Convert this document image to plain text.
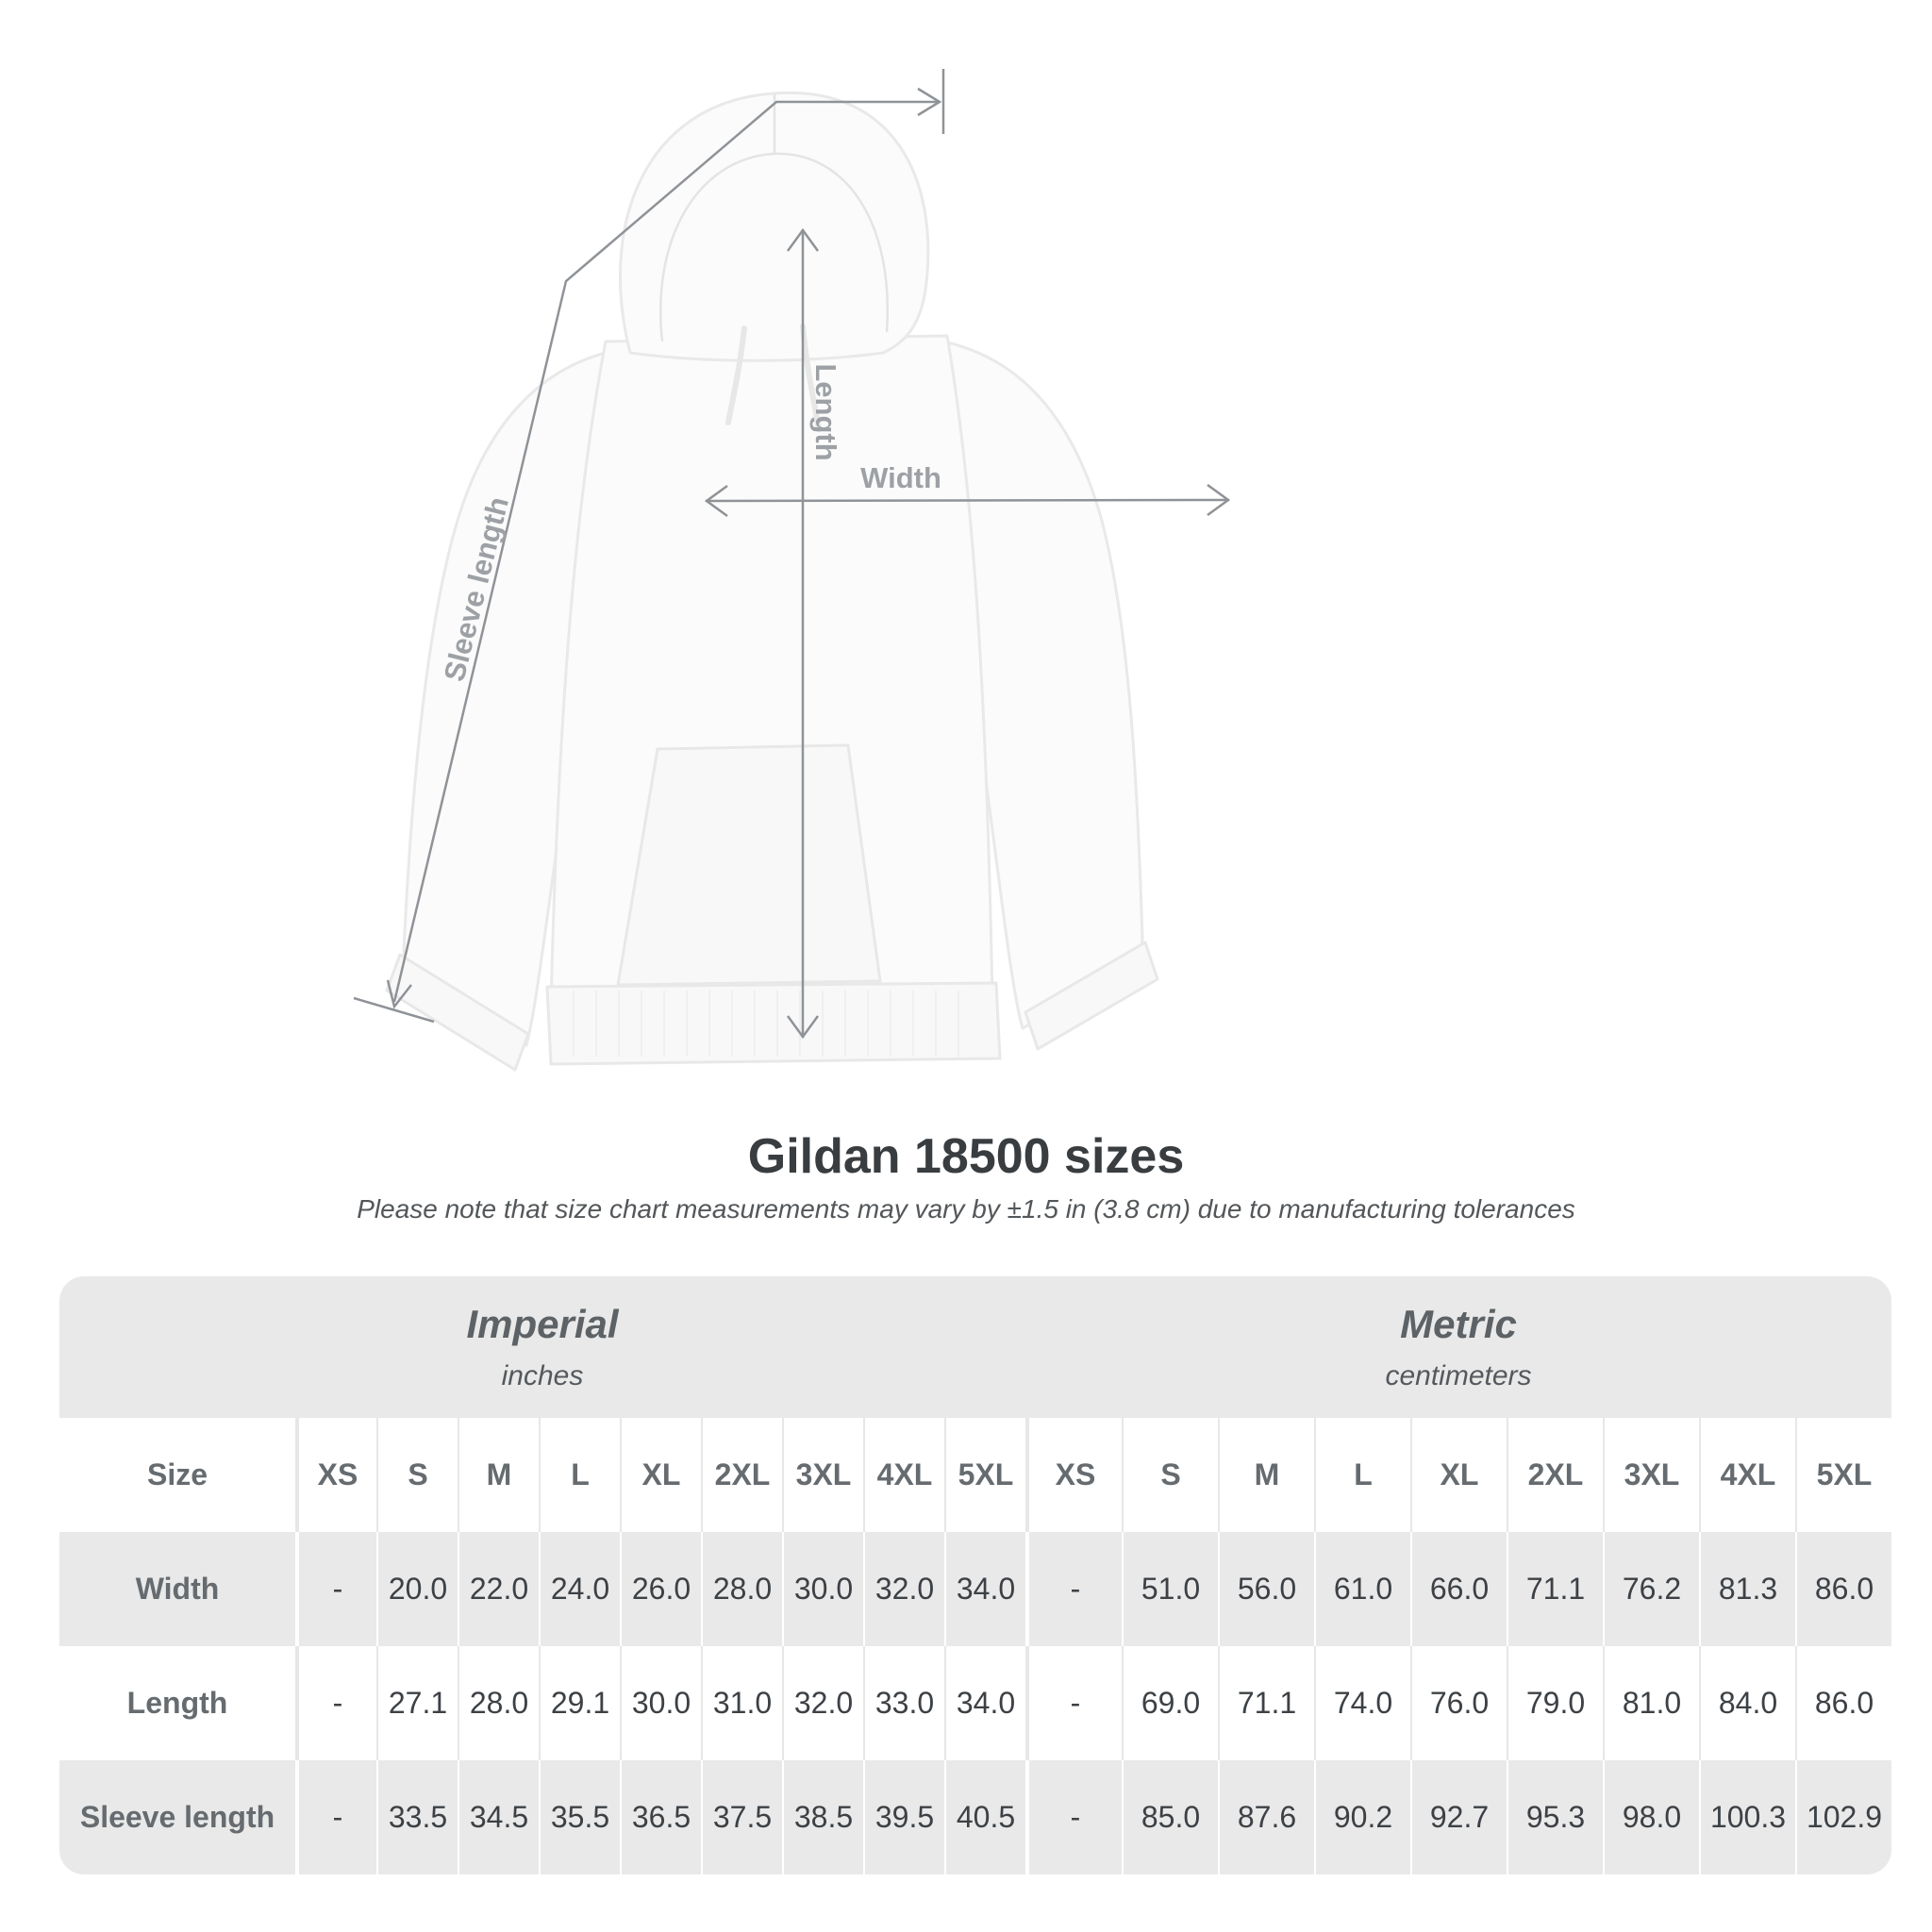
Length
Width
Sleeve length
Gildan 18500 sizes
Please note that size chart measurements may vary by ±1.5 in (3.8 cm) due to manufacturing tolerances
Imperial
inches
Metric
centimeters
Size	XS	S	M	L	XL	2XL 3XL 4XL 5XL	XS	S	M	L	XL	2XL	3XL	4XL	5XL
Width	-	20.0 22.0 24.0 26.0 28.0 30.0 32.0 34.0	-	51.0	56.0	61.0	66.0	71.1	76.2	81.3	86.0
Length	-	27.1 28.0 29.1 30.0 31.0 32.0 33.0 34.0	-	69.0	71.1	74.0	76.0	79.0	81.0	84.0	86.0
Sleeve length	-	33.5 34.5 35.5 36.5 37.5 38.5 39.5 40.5	-	85.0	87.6	90.2	92.7	95.3	98.0 100.3 102.9
